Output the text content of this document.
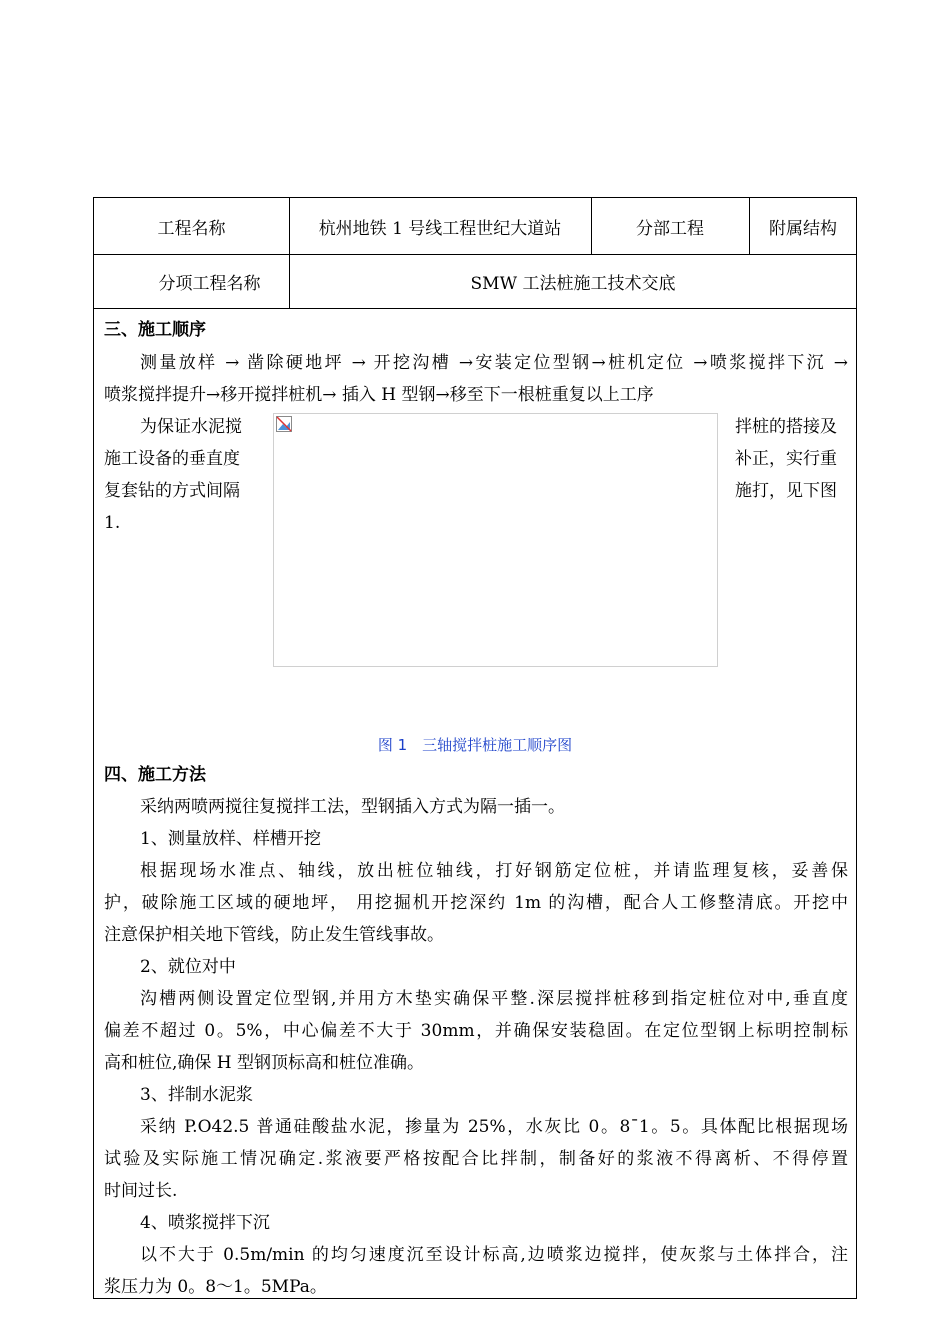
工程名称	杭州地铁 1 号线工程世纪大道站	分部工程	附属结构
分项工程名称	SMW 工法桩施工技术交底
三、施工顺序
测量放样 → 凿除硬地坪 → 开挖沟槽 →安装定位型钢→桩机定位 →喷浆搅拌下沉 →
喷浆搅拌提升→移开搅拌桩机→ 插入 H 型钢→移至下一根桩重复以上工序
为保证水泥搅
施工设备的垂直度
复套钻的方式间隔
1.
拌桩的搭接及
补正，实行重
施打，见下图
图 1　三轴搅拌桩施工顺序图
四、施工方法
采纳两喷两搅往复搅拌工法，型钢插入方式为隔一插一。
1、测量放样、样槽开挖
根据现场水准点、轴线，放出桩位轴线，打好钢筋定位桩，并请监理复核，妥善保
护，破除施工区域的硬地坪， 用挖掘机开挖深约 1m 的沟槽，配合人工修整清底。开挖中
注意保护相关地下管线，防止发生管线事故。
2、就位对中
沟槽两侧设置定位型钢,并用方木垫实确保平整.深层搅拌桩移到指定桩位对中,垂直度
偏差不超过 0。5%，中心偏差不大于 30mm，并确保安装稳固。在定位型钢上标明控制标
高和桩位,确保 H 型钢顶标高和桩位准确。
3、拌制水泥浆
采纳 P.O42.5 普通硅酸盐水泥，掺量为 25%，水灰比 0。8¯1。5。具体配比根据现场
试验及实际施工情况确定.浆液要严格按配合比拌制，制备好的浆液不得离析、不得停置
时间过长.
4、喷浆搅拌下沉
以不大于 0.5m/min 的均匀速度沉至设计标高,边喷浆边搅拌，使灰浆与土体拌合，注
浆压力为 0。8～1。5MPa。
